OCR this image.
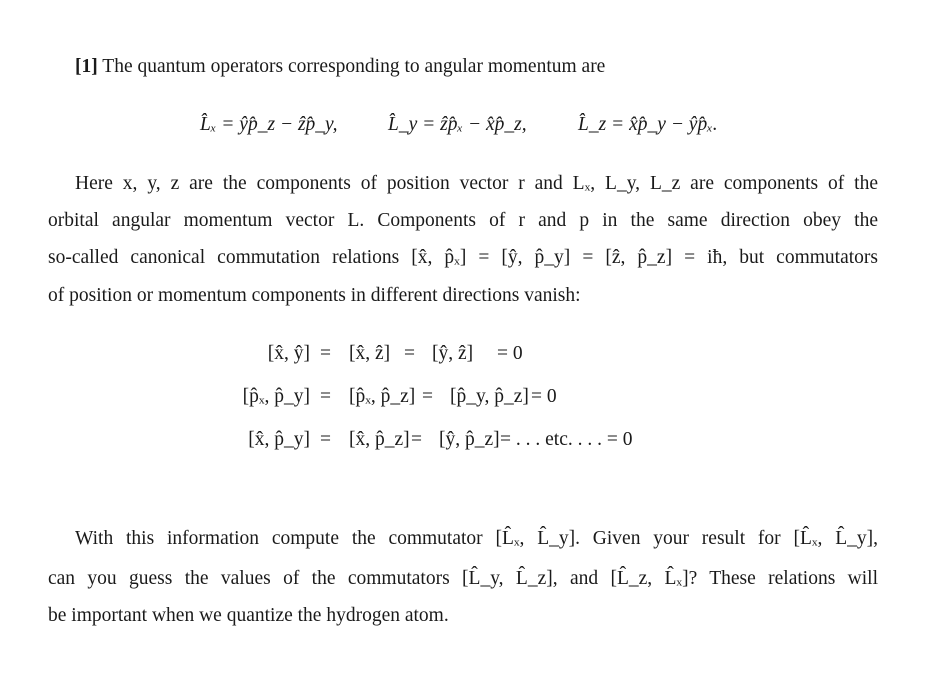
[1] The quantum operators corresponding to angular momentum are
L̂ₓ = ŷp̂_z − ẑp̂_y,	L̂_y = ẑp̂ₓ − x̂p̂_z,	L̂_z = x̂p̂_y − ŷp̂ₓ.
Here x, y, z are the components of position vector r and Lₓ, L_y, L_z are components of the
orbital angular momentum vector L. Components of r and p in the same direction obey the
so-called canonical commutation relations [x̂, p̂ₓ] = [ŷ, p̂_y] = [ẑ, p̂_z] = iħ, but commutators
of position or momentum components in different directions vanish:
[x̂, ŷ] = [x̂, ẑ] = [ŷ, ẑ] = 0
[p̂ₓ, p̂_y] = [p̂ₓ, p̂_z] = [p̂_y, p̂_z] = 0
[x̂, p̂_y] = [x̂, p̂_z] = [ŷ, p̂_z] = . . . etc. . . . = 0
With this information compute the commutator [L̂ₓ, L̂_y]. Given your result for [L̂ₓ, L̂_y],
can you guess the values of the commutators [L̂_y, L̂_z], and [L̂_z, L̂ₓ]? These relations will
be important when we quantize the hydrogen atom.
